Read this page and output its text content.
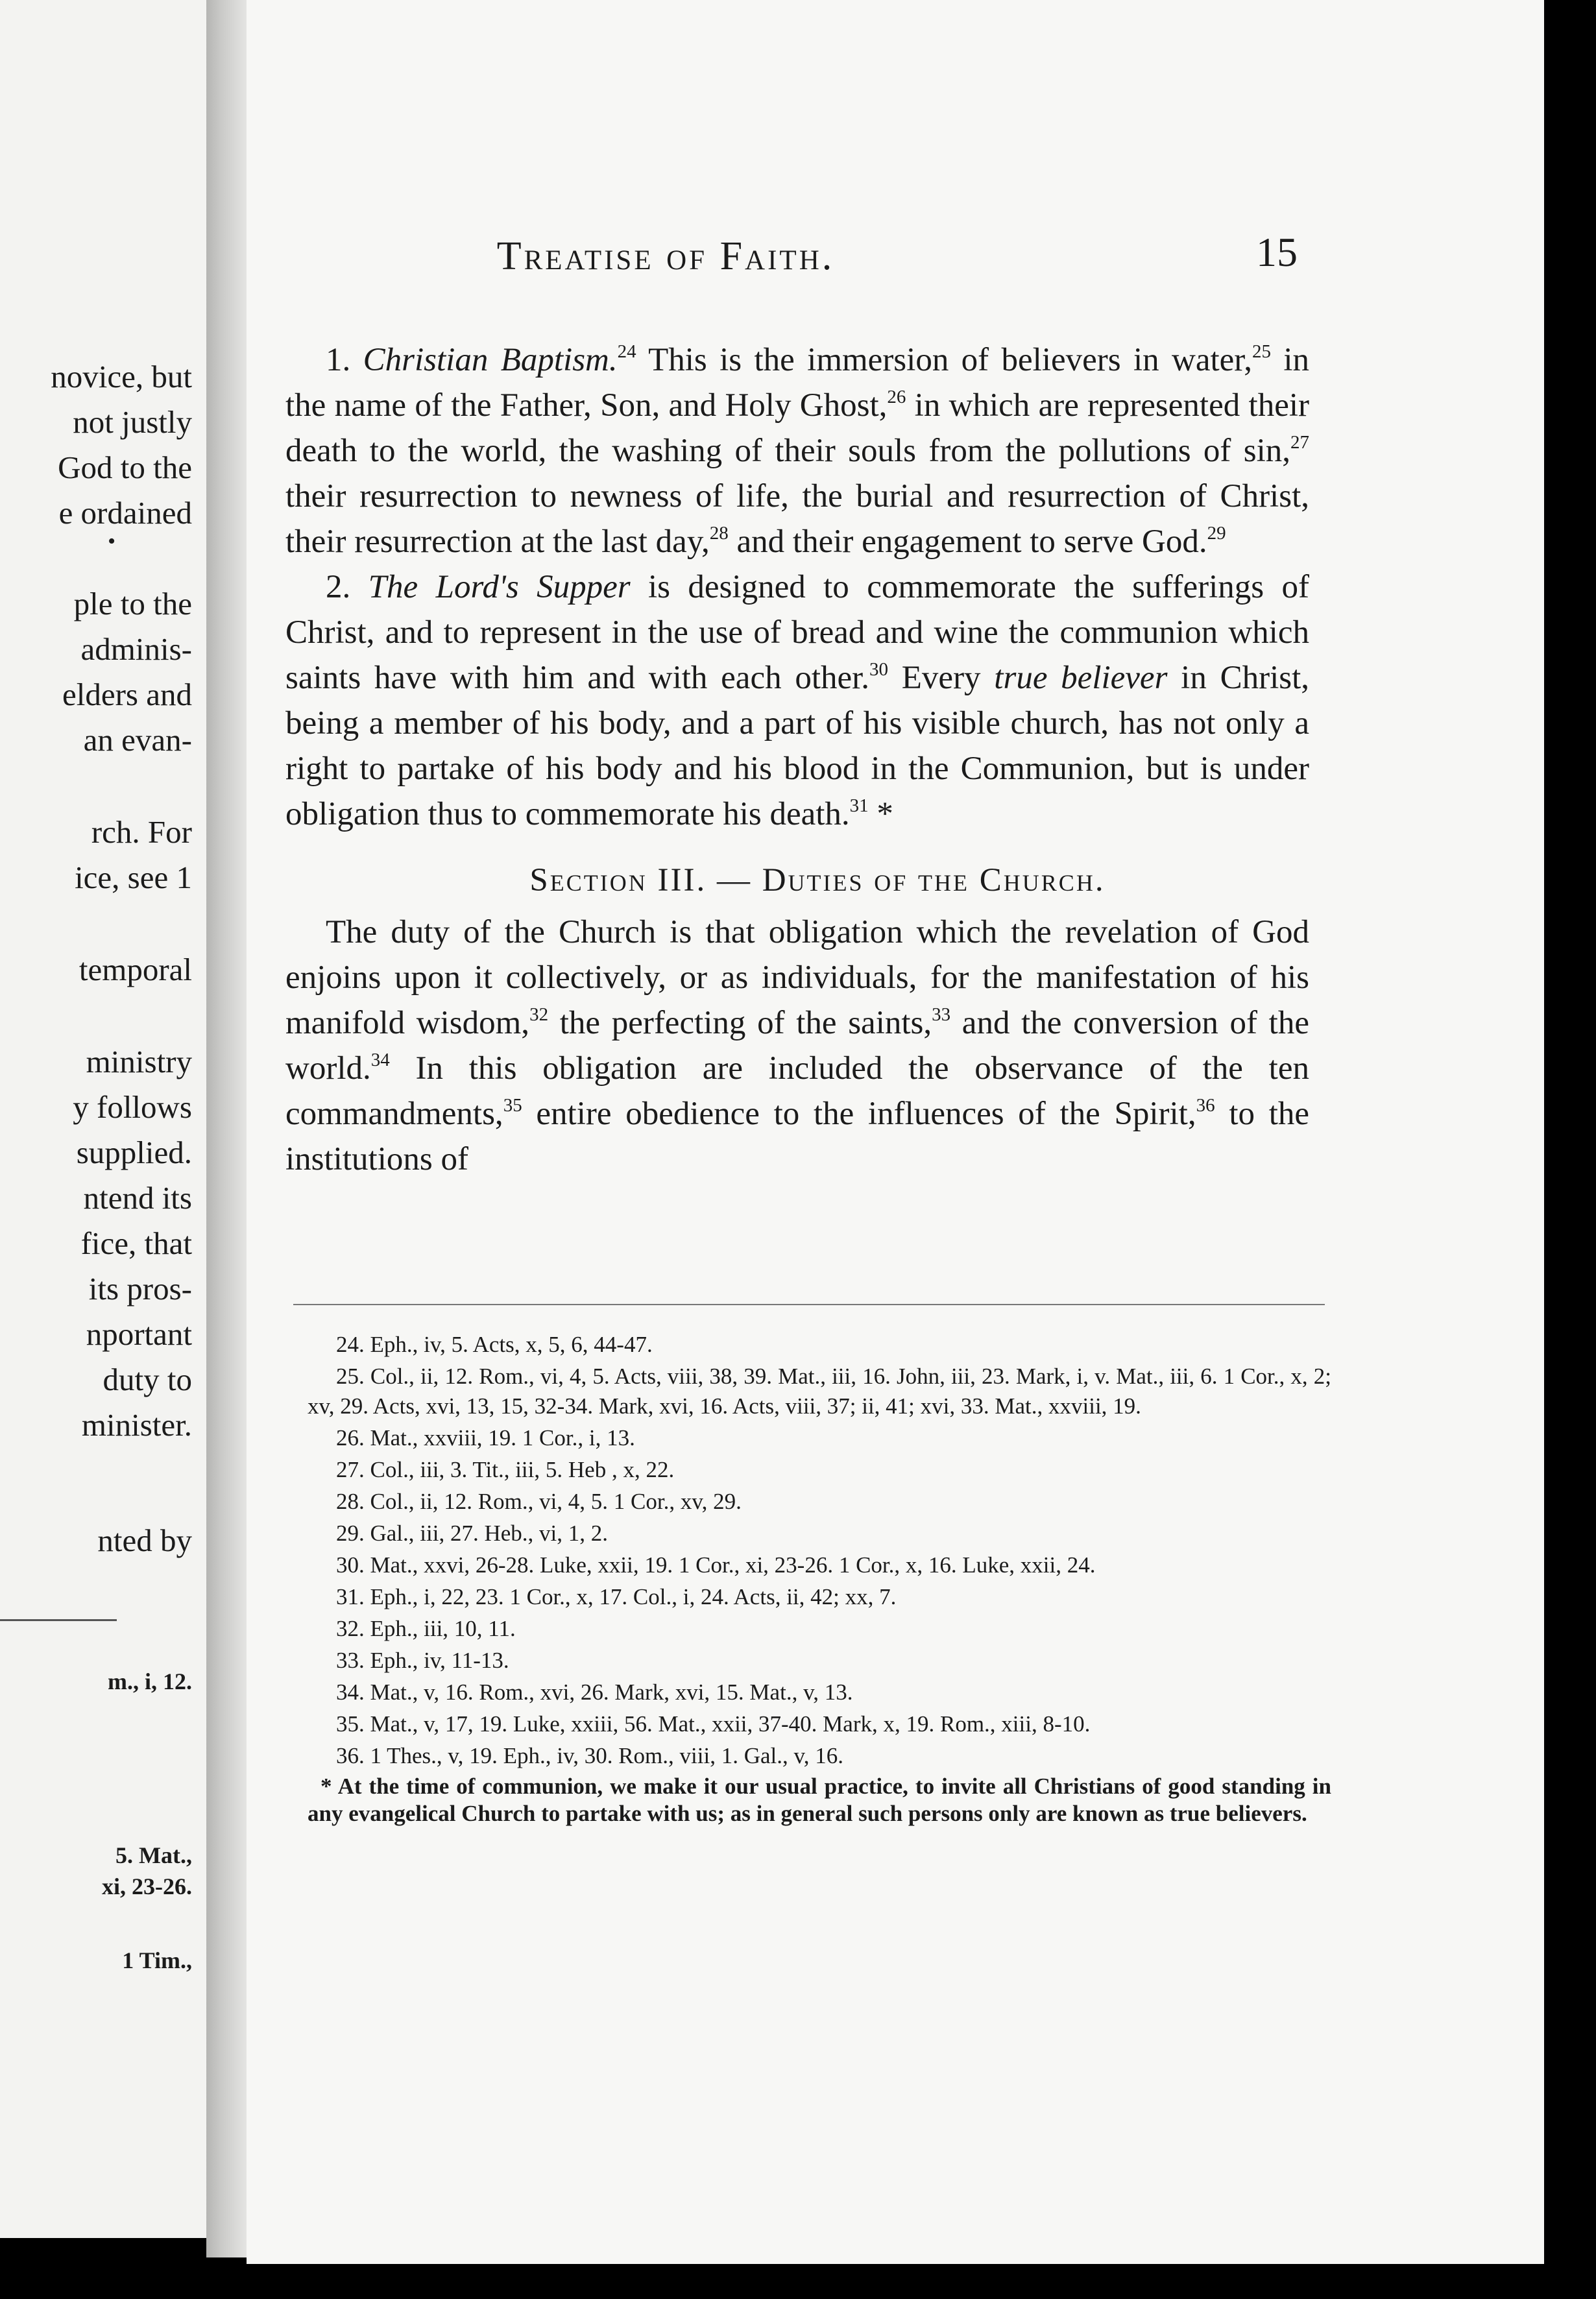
novice, but
not justly
God to the
e ordained
•
ple to the
adminis-
elders and
an evan-
rch. For
ice, see 1
temporal
ministry
y follows
supplied.
ntend its
fice, that
its pros-
nportant
duty to
minister.
nted by
m., i, 12.
5. Mat.,
xi, 23-26.
1 Tim.,
Treatise of Faith.	15

1. Christian Baptism.$^{24}$ This is the immersion of believers in water,$^{25}$ in the name of the Father, Son, and Holy Ghost,$^{26}$ in which are represented their death to the world, the washing of their souls from the pollutions of sin,$^{27}$ their resurrection to newness of life, the burial and resurrection of Christ, their resurrection at the last day,$^{28}$ and their engagement to serve God.$^{29}$

2. The Lord's Supper is designed to commemorate the sufferings of Christ, and to represent in the use of bread and wine the communion which saints have with him and with each other.$^{30}$ Every true believer in Christ, being a member of his body, and a part of his visible church, has not only a right to partake of his body and his blood in the Communion, but is under obligation thus to commemorate his death.$^{31}$ *

Section III. — Duties of the Church.

The duty of the Church is that obligation which the revelation of God enjoins upon it collectively, or as individuals, for the manifestation of his manifold wisdom,$^{32}$ the perfecting of the saints,$^{33}$ and the conversion of the world.$^{34}$ In this obligation are included the observance of the ten commandments,$^{35}$ entire obedience to the influences of the Spirit,$^{36}$ to the institutions of

24. Eph., iv, 5. Acts, x, 5, 6, 44-47.

25. Col., ii, 12. Rom., vi, 4, 5. Acts, viii, 38, 39. Mat., iii, 16. John, iii, 23. Mark, i, v. Mat., iii, 6. 1 Cor., x, 2; xv, 29. Acts, xvi, 13, 15, 32-34. Mark, xvi, 16. Acts, viii, 37; ii, 41; xvi, 33. Mat., xxviii, 19.

26. Mat., xxviii, 19. 1 Cor., i, 13.

27. Col., iii, 3. Tit., iii, 5. Heb , x, 22.

28. Col., ii, 12. Rom., vi, 4, 5. 1 Cor., xv, 29.

29. Gal., iii, 27. Heb., vi, 1, 2.

30. Mat., xxvi, 26-28. Luke, xxii, 19. 1 Cor., xi, 23-26. 1 Cor., x, 16. Luke, xxii, 24.

31. Eph., i, 22, 23. 1 Cor., x, 17. Col., i, 24. Acts, ii, 42; xx, 7.

32. Eph., iii, 10, 11.

33. Eph., iv, 11-13.

34. Mat., v, 16. Rom., xvi, 26. Mark, xvi, 15. Mat., v, 13.

35. Mat., v, 17, 19. Luke, xxiii, 56. Mat., xxii, 37-40. Mark, x, 19. Rom., xiii, 8-10.

36. 1 Thes., v, 19. Eph., iv, 30. Rom., viii, 1. Gal., v, 16.

* At the time of communion, we make it our usual practice, to invite all Christians of good standing in any evangelical Church to partake with us; as in general such persons only are known as true believers.
